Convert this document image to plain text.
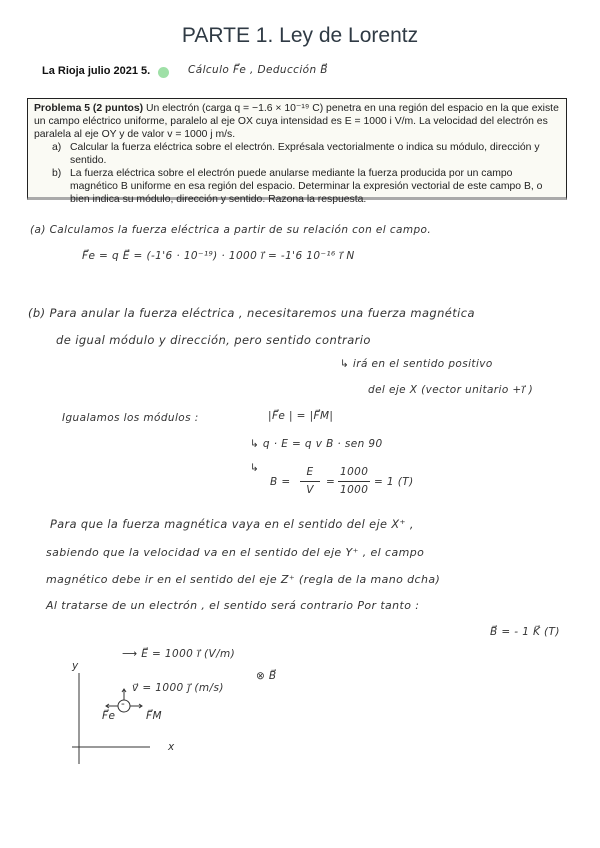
PARTE 1. Ley de Lorentz
La Rioja julio 2021 5.	Cálculo F⃗e , Deducción B⃗
Problema 5 (2 puntos) Un electrón (carga q = −1.6 × 10⁻¹⁹ C) penetra en una región del espacio en la que existe un campo eléctrico uniforme, paralelo al eje OX cuya intensidad es E = 1000 i V/m. La velocidad del electrón es paralela al eje OY y de valor v = 1000 j m/s.
a) Calcular la fuerza eléctrica sobre el electrón. Exprésala vectorialmente o indica su módulo, dirección y sentido.
b) La fuerza eléctrica sobre el electrón puede anularse mediante la fuerza producida por un campo magnético B uniforme en esa región del espacio. Determinar la expresión vectorial de este campo B, o bien indica su módulo, dirección y sentido. Razona la respuesta.
(a) Calculamos la fuerza eléctrica a partir de su relación con el campo.
F⃗e = q E⃗ = (-1'6 · 10⁻¹⁹) · 1000 i⃗ = -1'6 10⁻¹⁶ i⃗ N
(b) Para anular la fuerza eléctrica , necesitaremos una fuerza magnética
de igual módulo y dirección, pero sentido contrario
↳ irá en el sentido positivo
del eje X (vector unitario +i⃗ )
Igualamos los módulos :	|F⃗e | = |F⃗M|
↳ q · E = q v B · sen 90
↳
B =
E
V
=
1000
1000
= 1 (T)
Para que la fuerza magnética vaya en el sentido del eje X⁺ ,
sabiendo que la velocidad va en el sentido del eje Y⁺ , el campo
magnético debe ir en el sentido del eje Z⁺ (regla de la mano dcha)
Al tratarse de un electrón , el sentido será contrario Por tanto :
B⃗ = - 1 K⃗ (T)
⟶ E⃗ = 1000 i⃗ (V/m)
y
v⃗ = 1000 j⃗ (m/s)
⊗ B⃗
F⃗e	F⃗M
x
-
